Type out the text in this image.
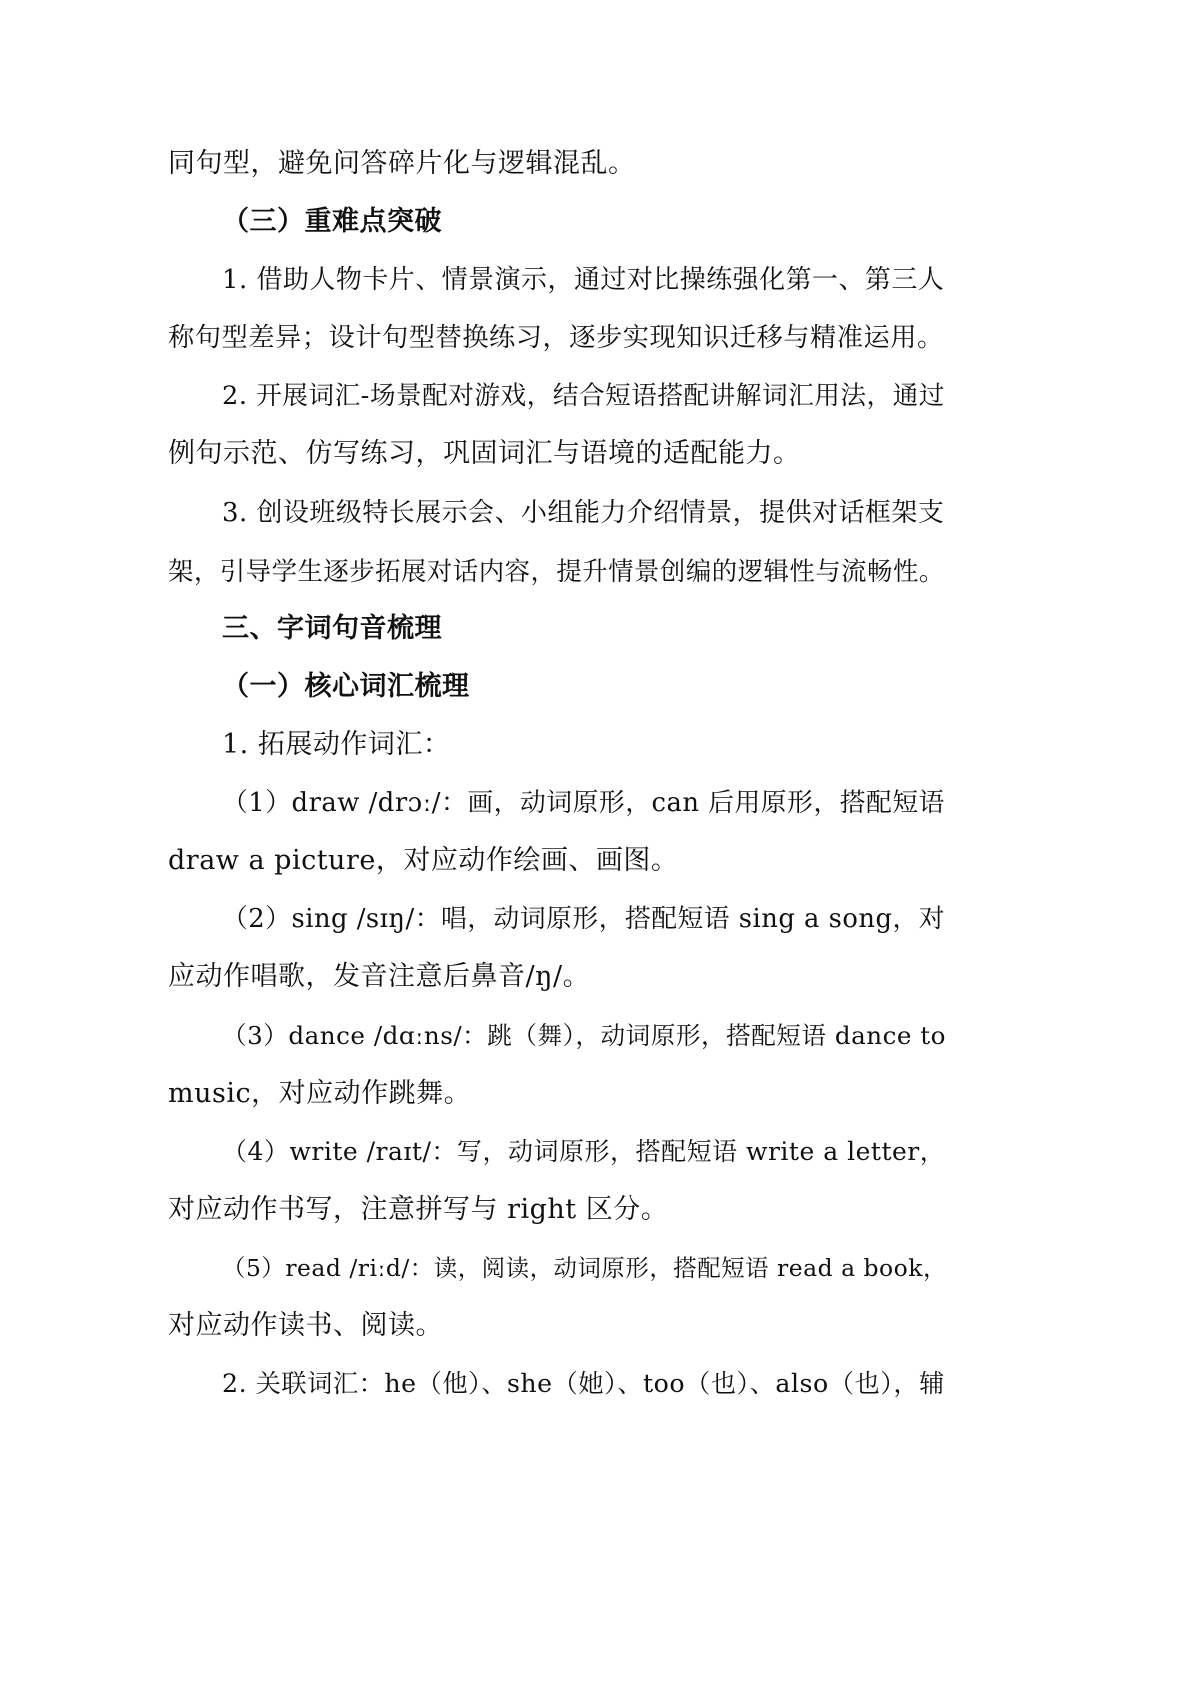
同句型，避免问答碎片化与逻辑混乱。
（三）重难点突破
1. 借助人物卡片、情景演示，通过对比操练强化第一、第三人
称句型差异；设计句型替换练习，逐步实现知识迁移与精准运用。
2. 开展词汇-场景配对游戏，结合短语搭配讲解词汇用法，通过
例句示范、仿写练习，巩固词汇与语境的适配能力。
3. 创设班级特长展示会、小组能力介绍情景，提供对话框架支
架，引导学生逐步拓展对话内容，提升情景创编的逻辑性与流畅性。
三、字词句音梳理
（一）核心词汇梳理
1. 拓展动作词汇：
（1）draw /drɔː/：画，动词原形，can 后用原形，搭配短语
draw a picture，对应动作绘画、画图。
（2）sing /sɪŋ/：唱，动词原形，搭配短语 sing a song，对
应动作唱歌，发音注意后鼻音/ŋ/。
（3）dance /dɑːns/：跳（舞），动词原形，搭配短语 dance to
music，对应动作跳舞。
（4）write /raɪt/：写，动词原形，搭配短语 write a letter，
对应动作书写，注意拼写与 right 区分。
（5）read /riːd/：读，阅读，动词原形，搭配短语 read a book，
对应动作读书、阅读。
2. 关联词汇：he（他）、she（她）、too（也）、also（也），辅
